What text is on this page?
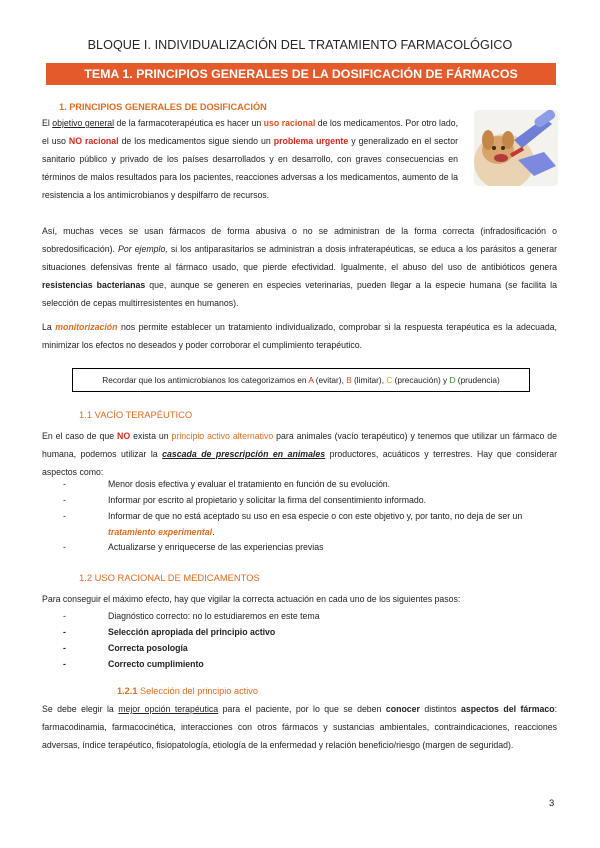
BLOQUE I. INDIVIDUALIZACIÓN DEL TRATAMIENTO FARMACOLÓGICO
TEMA 1. PRINCIPIOS GENERALES DE LA DOSIFICACIÓN DE FÁRMACOS
1. PRINCIPIOS GENERALES DE DOSIFICACIÓN

El objetivo general de la farmacoterapéutica es hacer un uso racional de los medicamentos. Por otro lado, el uso NO racional de los medicamentos sigue siendo un problema urgente y generalizado en el sector sanitario público y privado de los países desarrollados y en desarrollo, con graves consecuencias en términos de malos resultados para los pacientes, reacciones adversas a los medicamentos, aumento de la resistencia a los antimicrobianos y despilfarro de recursos.

Así, muchas veces se usan fármacos de forma abusiva o no se administran de la forma correcta (infradosificación o sobredosificación). Por ejemplo, si los antiparasitarios se administran a dosis infraterapéuticas, se educa a los parásitos a generar situaciones defensivas frente al fármaco usado, que pierde efectividad. Igualmente, el abuso del uso de antibióticos genera resistencias bacterianas que, aunque se generen en especies veterinarias, pueden llegar a la especie humana (se facilita la selección de cepas multirresistentes en humanos).

La monitorización nos permite establecer un tratamiento individualizado, comprobar si la respuesta terapéutica es la adecuada, minimizar los efectos no deseados y poder corroborar el cumplimiento terapéutico.

Recordar que los antimicrobianos los categorizamos en A (evitar), B (limitar), C (precaución) y D (prudencia)
1.1 VACÍO TERAPÉUTICO

En el caso de que NO exista un principio activo alternativo para animales (vacío terapéutico) y tenemos que utilizar un fármaco de humana, podemos utilizar la cascada de prescripción en animales productores, acuáticos y terrestres. Hay que considerar aspectos como:

-	Menor dosis efectiva y evaluar el tratamiento en función de su evolución.
-	Informar por escrito al propietario y solicitar la firma del consentimiento informado.
-	Informar de que no está aceptado su uso en esa especie o con este objetivo y, por tanto, no deja de ser un tratamiento experimental.
-	Actualizarse y enriquecerse de las experiencias previas
1.2 USO RACIONAL DE MEDICAMENTOS

Para conseguir el máximo efecto, hay que vigilar la correcta actuación en cada uno de los siguientes pasos:

-	Diagnóstico correcto: no lo estudiaremos en este tema
-	Selección apropiada del principio activo
-	Correcta posología
-	Correcto cumplimiento
1.2.1 Selección del principio activo

Se debe elegir la mejor opción terapéutica para el paciente, por lo que se deben conocer distintos aspectos del fármaco: farmacodinamia, farmacocinética, interacciones con otros fármacos y sustancias ambientales, contraindicaciones, reacciones adversas, índice terapéutico, fisiopatología, etiología de la enfermedad y relación beneficio/riesgo (margen de seguridad).

3
